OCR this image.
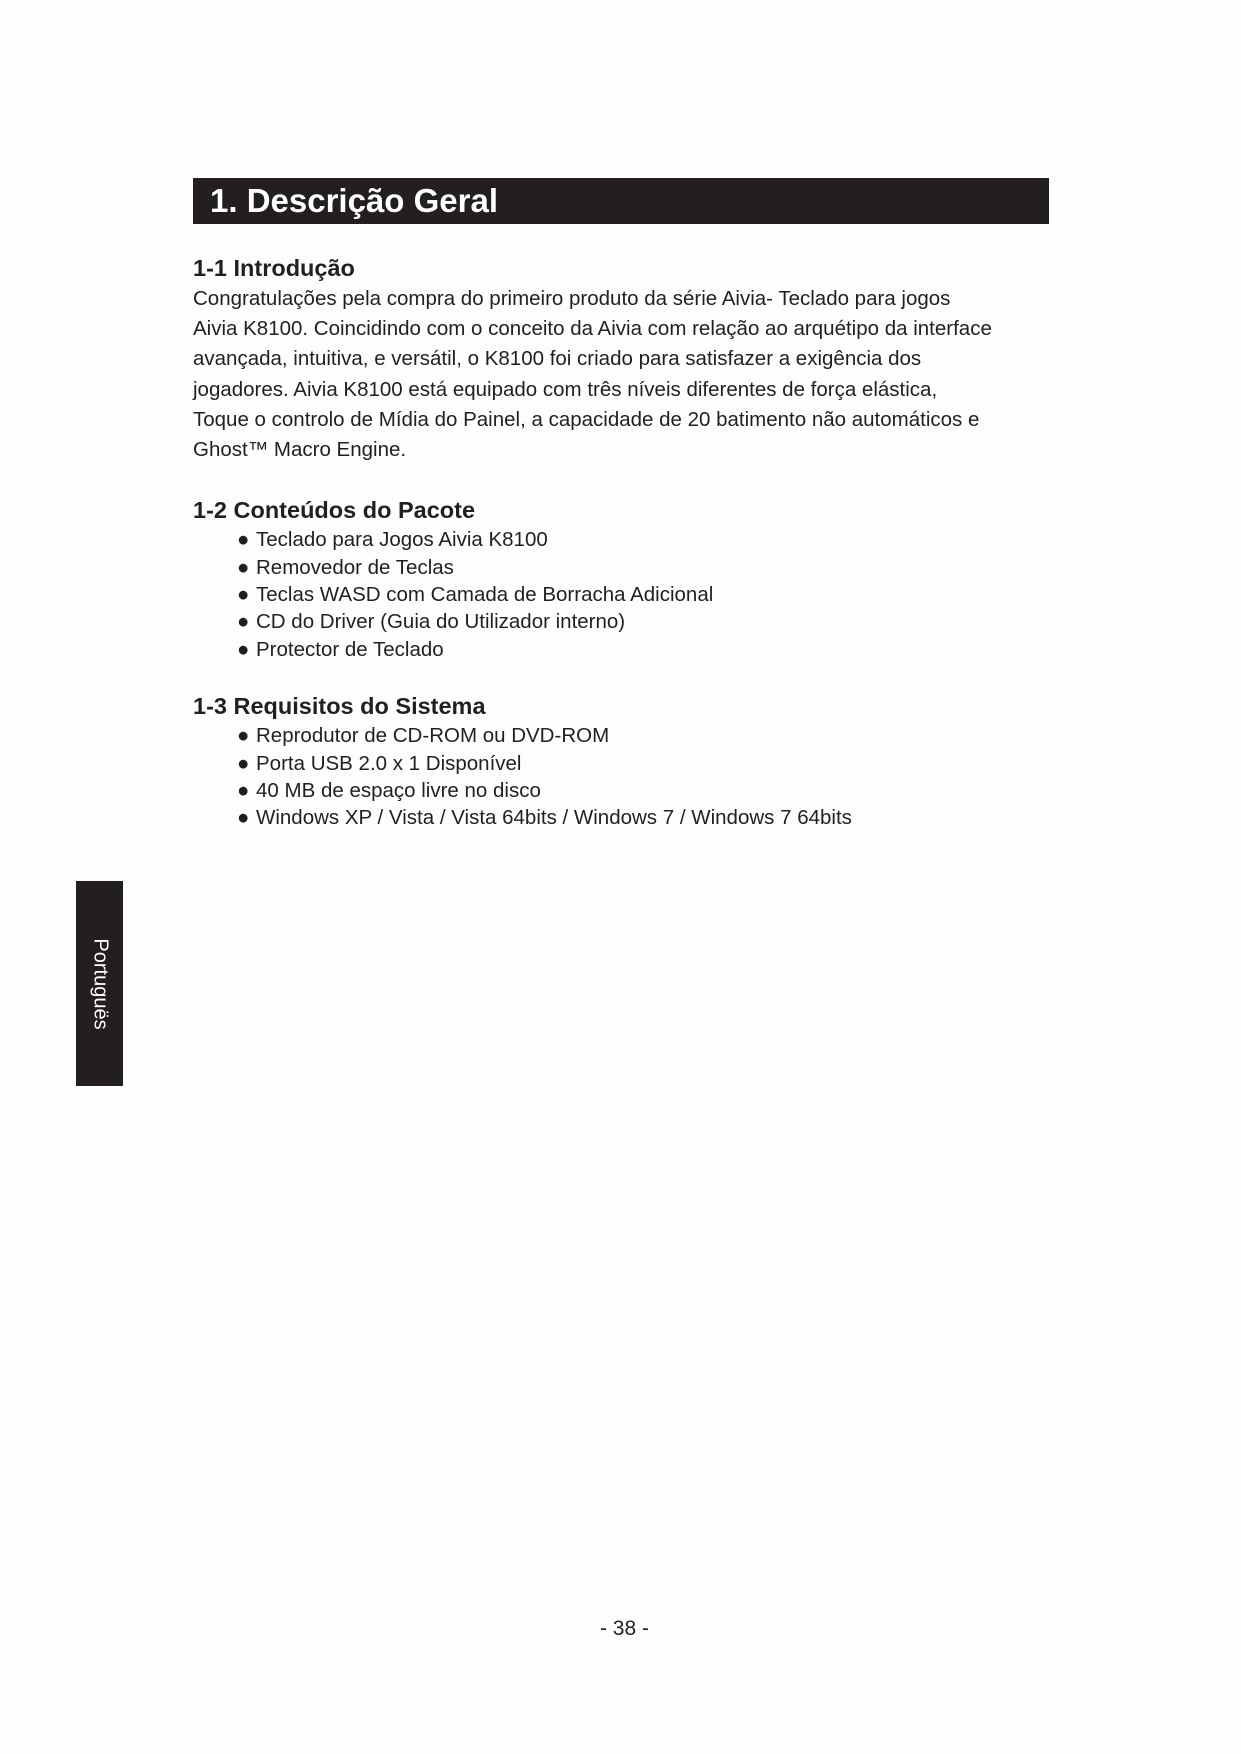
1. Descrição Geral
1-1 Introdução

Congratulações pela compra do primeiro produto da série Aivia- Teclado para jogos
Aivia K8100. Coincidindo com o conceito da Aivia com relação ao arquétipo da interface
avançada, intuitiva, e versátil, o K8100 foi criado para satisfazer a exigência dos
jogadores. Aivia K8100 está equipado com três níveis diferentes de força elástica,
Toque o controlo de Mídia do Painel, a capacidade de 20 batimento não automáticos e
Ghost™ Macro Engine.

1-2 Conteúdos do Pacote
● Teclado para Jogos Aivia K8100
● Removedor de Teclas
● Teclas WASD com Camada de Borracha Adicional
● CD do Driver (Guia do Utilizador interno)
● Protector de Teclado
1-3 Requisitos do Sistema
● Reprodutor de CD-ROM ou DVD-ROM
● Porta USB 2.0 x 1 Disponível
● 40 MB de espaço livre no disco
● Windows XP / Vista / Vista 64bits / Windows 7 / Windows 7 64bits
Portuguës
- 38 -
